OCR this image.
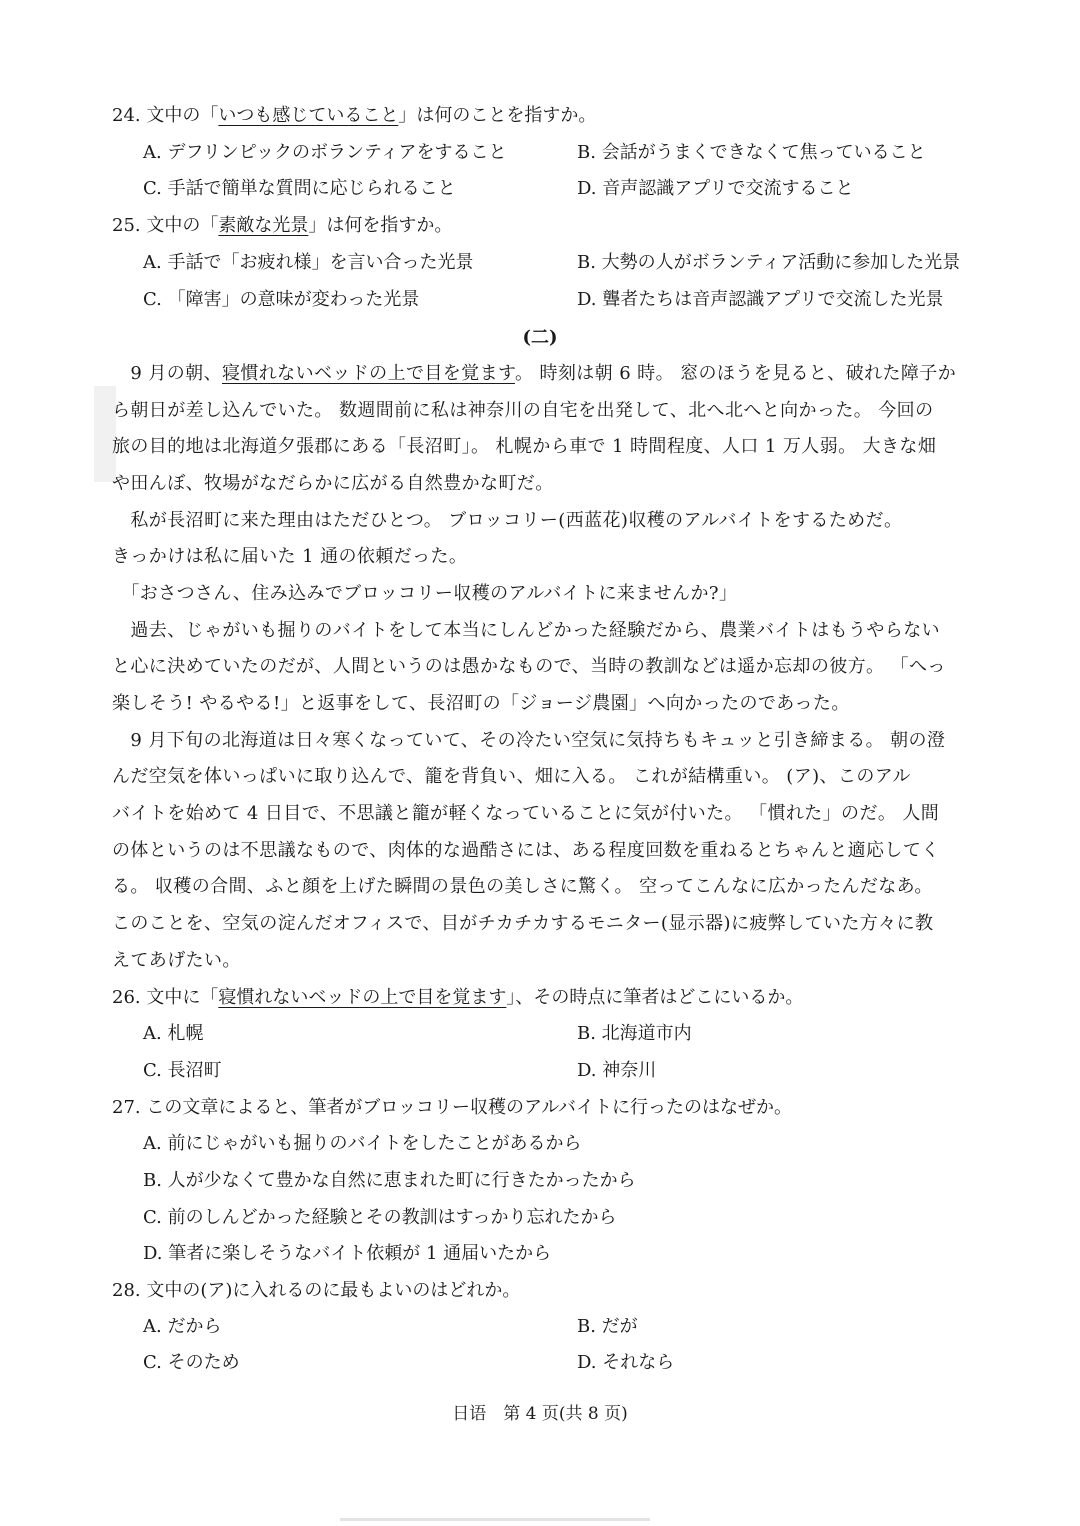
24. 文中の「いつも感じていること」は何のことを指すか。
A. デフリンピックのボランティアをすること	B. 会話がうまくできなくて焦っていること
C. 手話で簡単な質問に応じられること	D. 音声認識アプリで交流すること
25. 文中の「素敵な光景」は何を指すか。
A. 手話で「お疲れ様」を言い合った光景	B. 大勢の人がボランティア活動に参加した光景
C. 「障害」の意味が変わった光景	D. 聾者たちは音声認識アプリで交流した光景
(二)
　9 月の朝、寝慣れないベッドの上で目を覚ます。 時刻は朝 6 時。 窓のほうを見ると、破れた障子か
ら朝日が差し込んでいた。 数週間前に私は神奈川の自宅を出発して、北へ北へと向かった。 今回の
旅の目的地は北海道夕張郡にある「長沼町」。 札幌から車で 1 時間程度、人口 1 万人弱。 大きな畑
や田んぼ、牧場がなだらかに広がる自然豊かな町だ。
　私が長沼町に来た理由はただひとつ。 ブロッコリー(西蓝花)収穫のアルバイトをするためだ。
きっかけは私に届いた 1 通の依頼だった。
　「おさつさん、住み込みでブロッコリー収穫のアルバイトに来ませんか?」
　過去、じゃがいも掘りのバイトをして本当にしんどかった経験だから、農業バイトはもうやらない
と心に決めていたのだが、人間というのは愚かなもので、当時の教訓などは遥か忘却の彼方。 「へっ
楽しそう! やるやる!」と返事をして、長沼町の「ジョージ農園」へ向かったのであった。
　9 月下旬の北海道は日々寒くなっていて、その冷たい空気に気持ちもキュッと引き締まる。 朝の澄
んだ空気を体いっぱいに取り込んで、籠を背負い、畑に入る。 これが結構重い。 (ア)、このアル
バイトを始めて 4 日目で、不思議と籠が軽くなっていることに気が付いた。 「慣れた」のだ。 人間
の体というのは不思議なもので、肉体的な過酷さには、ある程度回数を重ねるとちゃんと適応してく
る。 収穫の合間、ふと顔を上げた瞬間の景色の美しさに驚く。 空ってこんなに広かったんだなあ。
このことを、空気の淀んだオフィスで、目がチカチカするモニター(显示器)に疲弊していた方々に教
えてあげたい。
26. 文中に「寝慣れないベッドの上で目を覚ます」、その時点に筆者はどこにいるか。
A. 札幌	B. 北海道市内
C. 長沼町	D. 神奈川
27. この文章によると、筆者がブロッコリー収穫のアルバイトに行ったのはなぜか。
A. 前にじゃがいも掘りのバイトをしたことがあるから
B. 人が少なくて豊かな自然に恵まれた町に行きたかったから
C. 前のしんどかった経験とその教訓はすっかり忘れたから
D. 筆者に楽しそうなバイト依頼が 1 通届いたから
28. 文中の(ア)に入れるのに最もよいのはどれか。
A. だから	B. だが
C. そのため	D. それなら
日语　第 4 页(共 8 页)
